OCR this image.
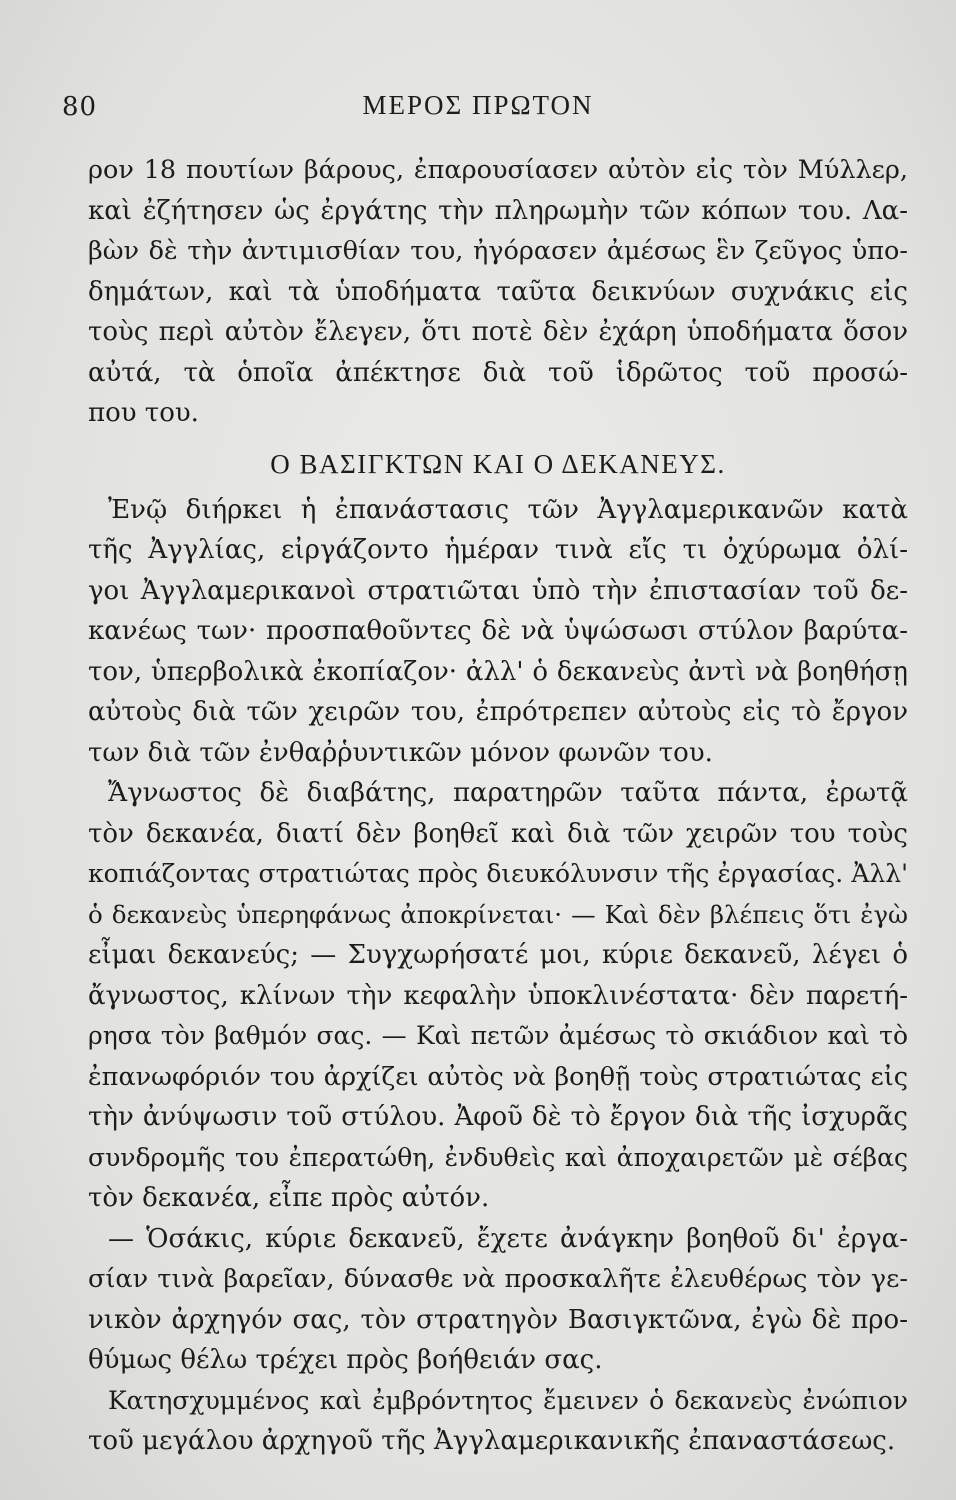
80	ΜΕΡΟΣ ΠΡΩΤΟΝ
ρον 18 πουτίων βάρους, ἐπαρουσίασεν αὐτὸν εἰς τὸν Μύλλερ,
καὶ ἐζήτησεν ὡς ἐργάτης τὴν πληρωμὴν τῶν κόπων του. Λα-
βὼν δὲ τὴν ἀντιμισθίαν του, ἠγόρασεν ἀμέσως ἓν ζεῦγος ὑπο-
δημάτων, καὶ τὰ ὑποδήματα ταῦτα δεικνύων συχνάκις εἰς
τοὺς περὶ αὐτὸν ἔλεγεν, ὅτι ποτὲ δὲν ἐχάρη ὑποδήματα ὅσον
αὐτά, τὰ ὁποῖα ἀπέκτησε διὰ τοῦ ἱδρῶτος τοῦ προσώ-
που του.
Ο ΒΑΣΙΓΚΤΩΝ ΚΑΙ Ο ΔΕΚΑΝΕΥΣ.
Ἐνῷ διήρκει ἡ ἐπανάστασις τῶν Ἀγγλαμερικανῶν κατὰ
τῆς Ἀγγλίας, εἰργάζοντο ἡμέραν τινὰ εἴς τι ὀχύρωμα ὀλί-
γοι Ἀγγλαμερικανοὶ στρατιῶται ὑπὸ τὴν ἐπιστασίαν τοῦ δε-
κανέως των· προσπαθοῦντες δὲ νὰ ὑψώσωσι στύλον βαρύτα-
τον, ὑπερβολικὰ ἐκοπίαζον· ἀλλ' ὁ δεκανεὺς ἀντὶ νὰ βοηθήσῃ
αὐτοὺς διὰ τῶν χειρῶν του, ἐπρότρεπεν αὐτοὺς εἰς τὸ ἔργον
των διὰ τῶν ἐνθαῤῥυντικῶν μόνον φωνῶν του.
Ἄγνωστος δὲ διαβάτης, παρατηρῶν ταῦτα πάντα, ἐρωτᾷ
τὸν δεκανέα, διατί δὲν βοηθεῖ καὶ διὰ τῶν χειρῶν του τοὺς
κοπιάζοντας στρατιώτας πρὸς διευκόλυνσιν τῆς ἐργασίας. Ἀλλ'
ὁ δεκανεὺς ὑπερηφάνως ἀποκρίνεται· — Καὶ δὲν βλέπεις ὅτι ἐγὼ
εἶμαι δεκανεύς; — Συγχωρήσατέ μοι, κύριε δεκανεῦ, λέγει ὁ
ἄγνωστος, κλίνων τὴν κεφαλὴν ὑποκλινέστατα· δὲν παρετή-
ρησα τὸν βαθμόν σας. — Καὶ πετῶν ἀμέσως τὸ σκιάδιον καὶ τὸ
ἐπανωφόριόν του ἀρχίζει αὐτὸς νὰ βοηθῇ τοὺς στρατιώτας εἰς
τὴν ἀνύψωσιν τοῦ στύλου. Ἀφοῦ δὲ τὸ ἔργον διὰ τῆς ἰσχυρᾶς
συνδρομῆς του ἐπερατώθη, ἐνδυθεὶς καὶ ἀποχαιρετῶν μὲ σέβας
τὸν δεκανέα, εἶπε πρὸς αὐτόν.
— Ὁσάκις, κύριε δεκανεῦ, ἔχετε ἀνάγκην βοηθοῦ δι' ἐργα-
σίαν τινὰ βαρεῖαν, δύνασθε νὰ προσκαλῆτε ἐλευθέρως τὸν γε-
νικὸν ἀρχηγόν σας, τὸν στρατηγὸν Βασιγκτῶνα, ἐγὼ δὲ προ-
θύμως θέλω τρέχει πρὸς βοήθειάν σας.
Κατησχυμμένος καὶ ἐμβρόντητος ἔμεινεν ὁ δεκανεὺς ἐνώπιον
τοῦ μεγάλου ἀρχηγοῦ τῆς Ἀγγλαμερικανικῆς ἐπαναστάσεως.
